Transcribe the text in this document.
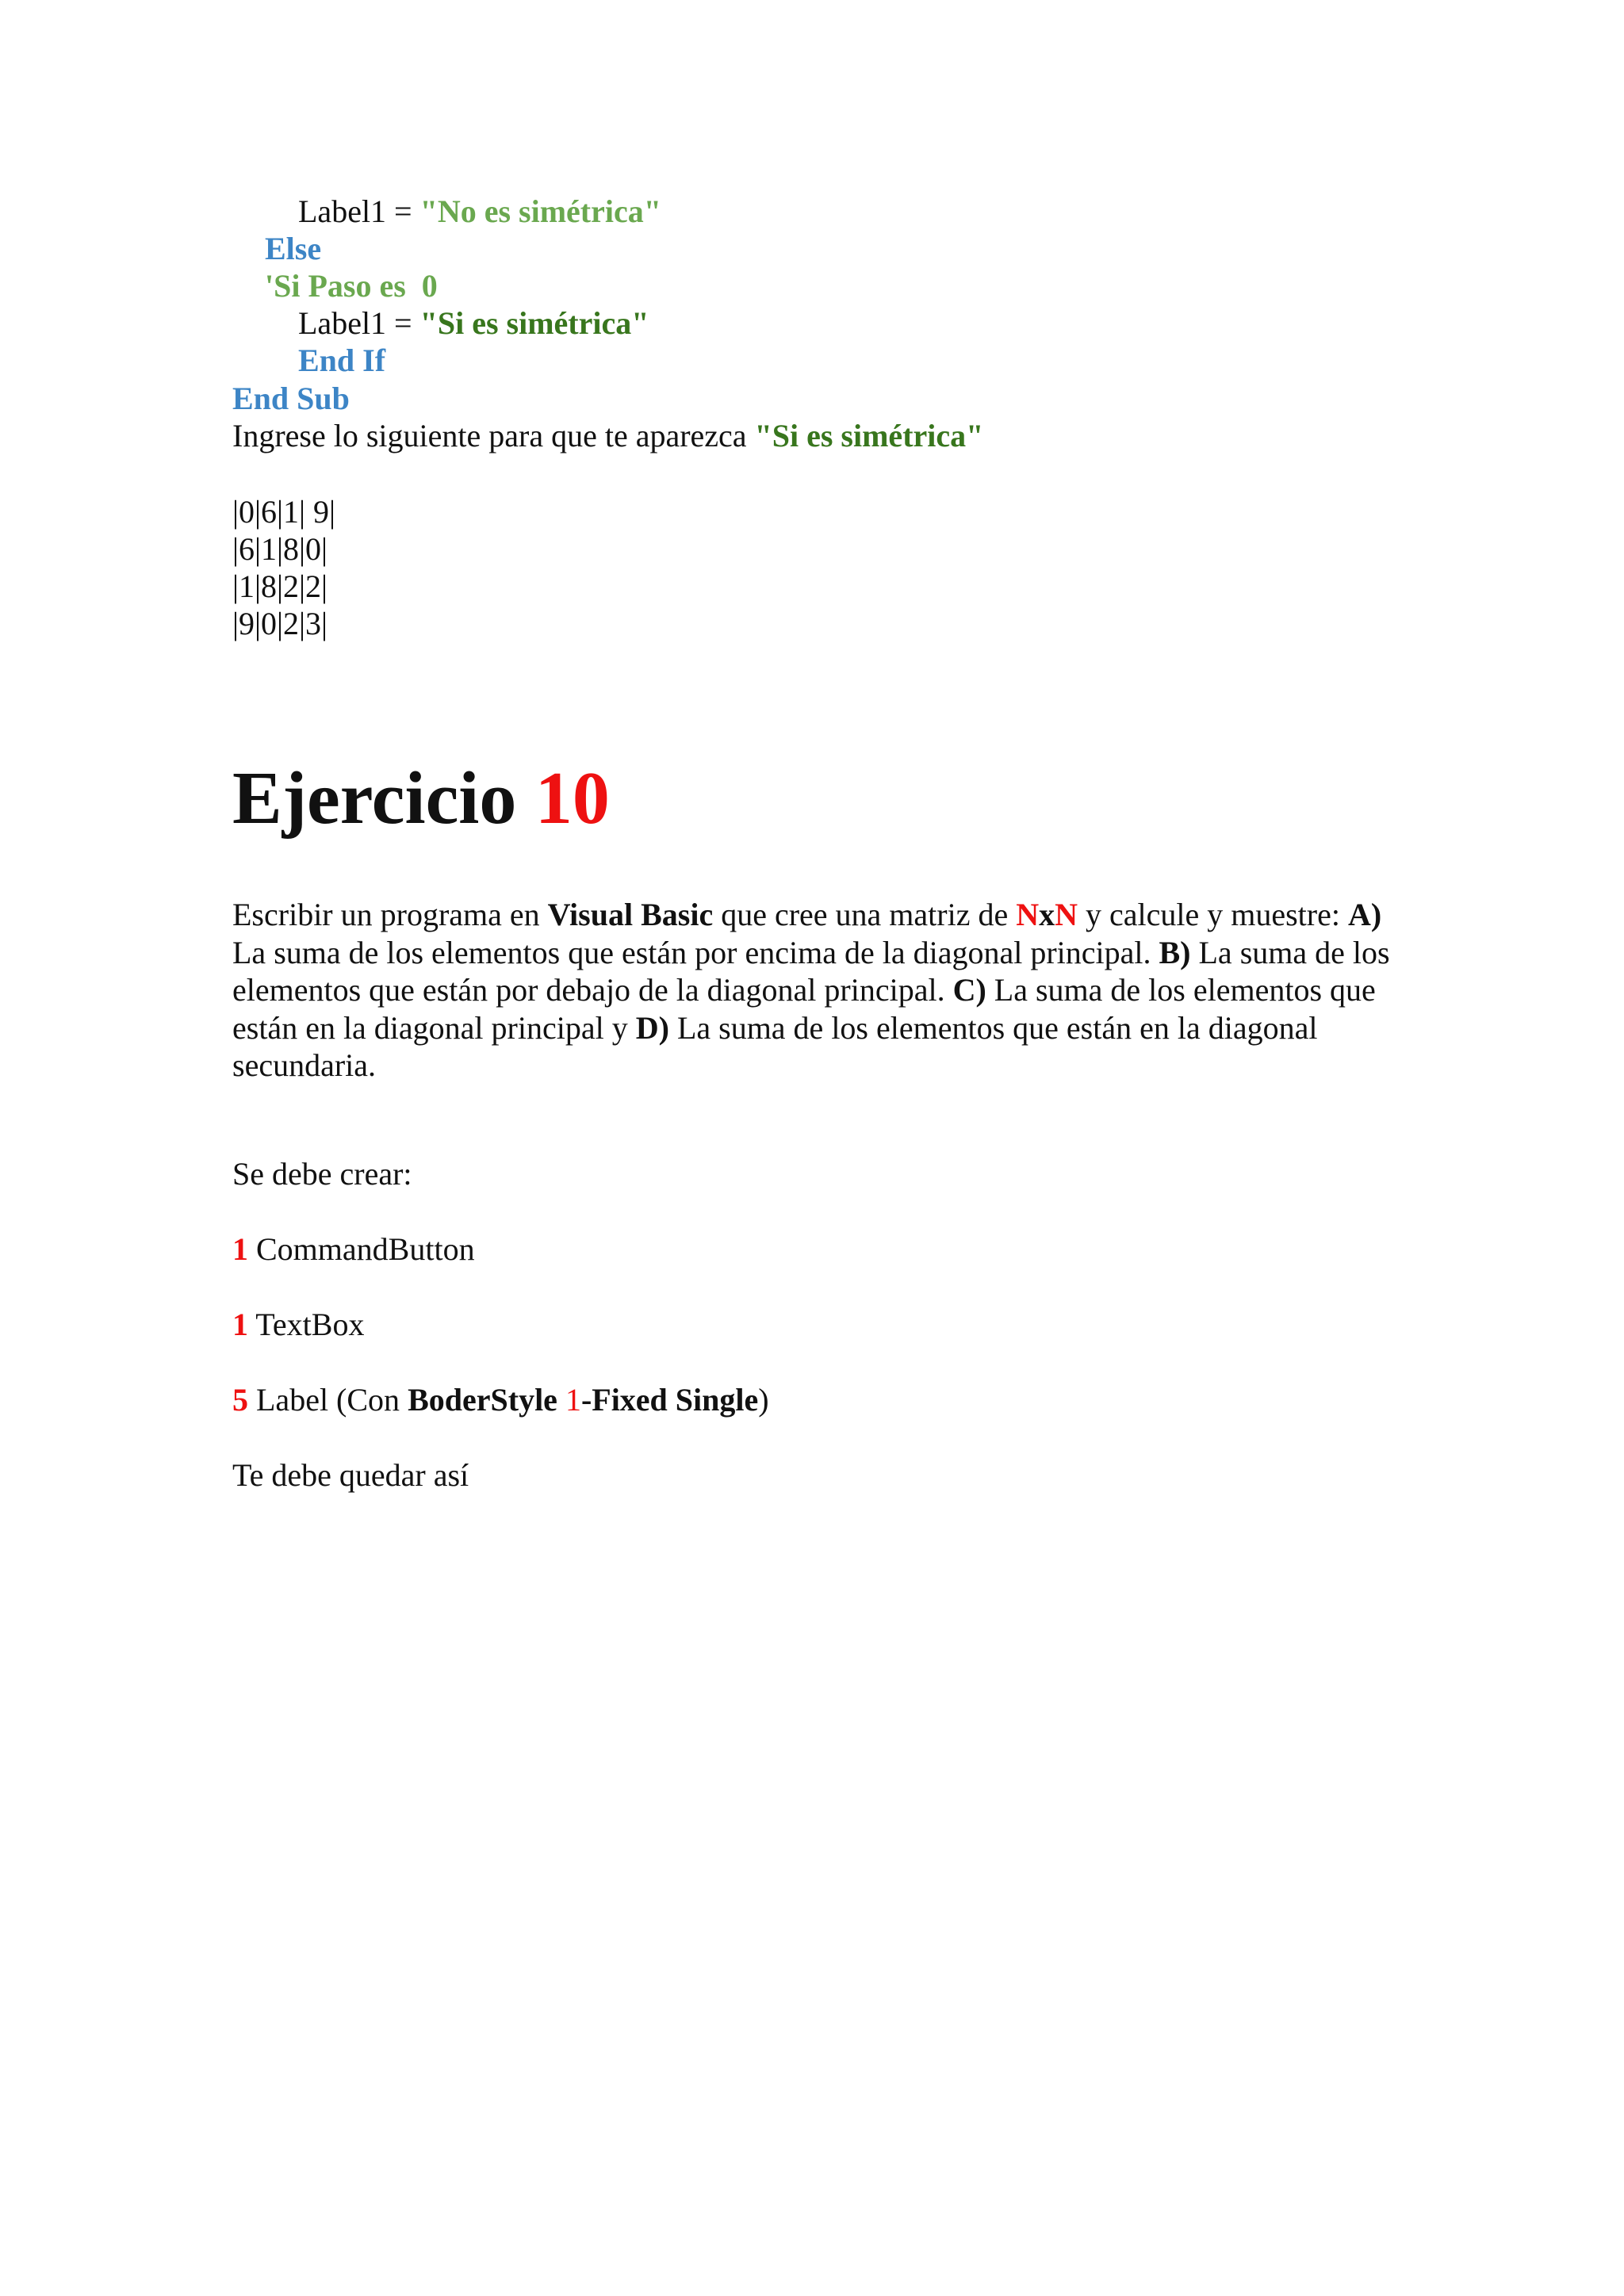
Label1 = "No es simétrica"
Else
'Si Paso es  0
Label1 = "Si es simétrica"
End If
End Sub
Ingrese lo siguiente para que te aparezca "Si es simétrica"
|0|6|1| 9|
|6|1|8|0|
|1|8|2|2|
|9|0|2|3|
Ejercicio 10
Escribir un programa en Visual Basic que cree una matriz de NxN y calcule y muestre: A) La suma de los elementos que están por encima de la diagonal principal. B) La suma de los elementos que están por debajo de la diagonal principal. C) La suma de los elementos que están en la diagonal principal y D) La suma de los elementos que están en la diagonal secundaria.
Se debe crear:
1 CommandButton
1 TextBox
5 Label (Con BoderStyle 1-Fixed Single)
Te debe quedar así
